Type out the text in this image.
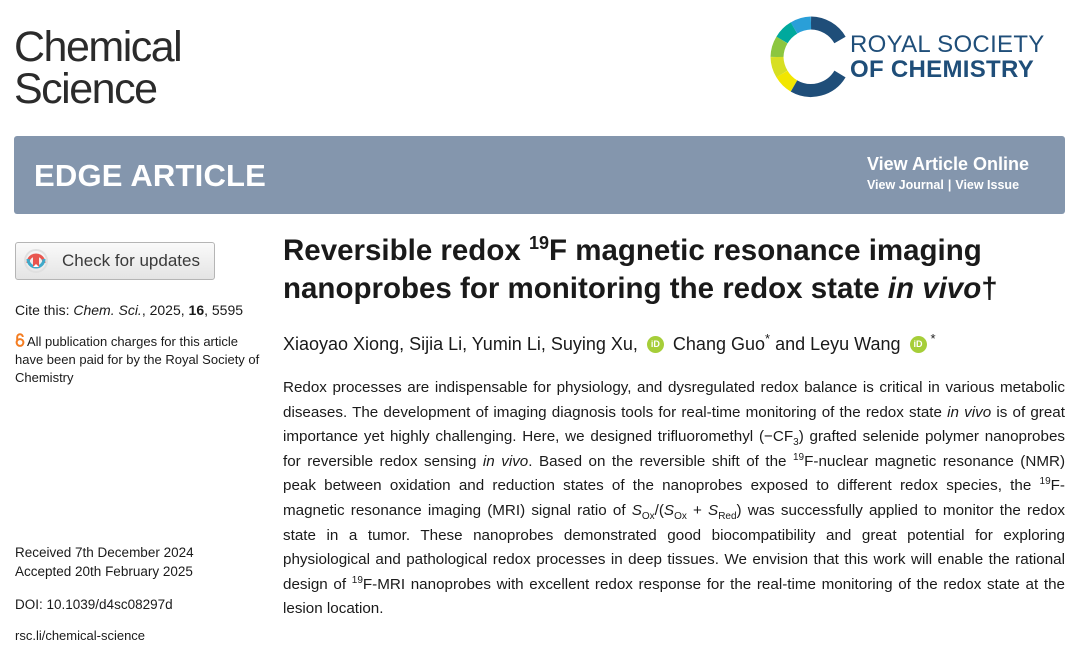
Chemical
Science
ROYAL SOCIETY
OF CHEMISTRY
EDGE ARTICLE	View Article Online
View Journal | View Issue
Check for updates
Cite this: Chem. Sci., 2025, 16, 5595
All publication charges for this article have been paid for by the Royal Society of Chemistry
Received 7th December 2024
Accepted 20th February 2025
DOI: 10.1039/d4sc08297d
rsc.li/chemical-science
Reversible redox $^{19}$F magnetic resonance imaging nanoprobes for monitoring the redox state in vivo†
Xiaoyao Xiong, Sijia Li, Yumin Li, Suying Xu, iD Chang Guo* and Leyu Wang iD *

Redox processes are indispensable for physiology, and dysregulated redox balance is critical in various metabolic diseases. The development of imaging diagnosis tools for real-time monitoring of the redox state in vivo is of great importance yet highly challenging. Here, we designed trifluoromethyl $(-CF_3)$ grafted selenide polymer nanoprobes for reversible redox sensing in vivo. Based on the reversible shift of the $^{19}$F-nuclear magnetic resonance (NMR) peak between oxidation and reduction states of the nanoprobes exposed to different redox species, the $^{19}$F-magnetic resonance imaging (MRI) signal ratio of $S_{Ox}/(S_{Ox} + S_{Red})$ was successfully applied to monitor the redox state in a tumor. These nanoprobes demonstrated good biocompatibility and great potential for exploring physiological and pathological redox processes in deep tissues. We envision that this work will enable the rational design of $^{19}$F-MRI nanoprobes with excellent redox response for the real-time monitoring of the redox state at the lesion location.
